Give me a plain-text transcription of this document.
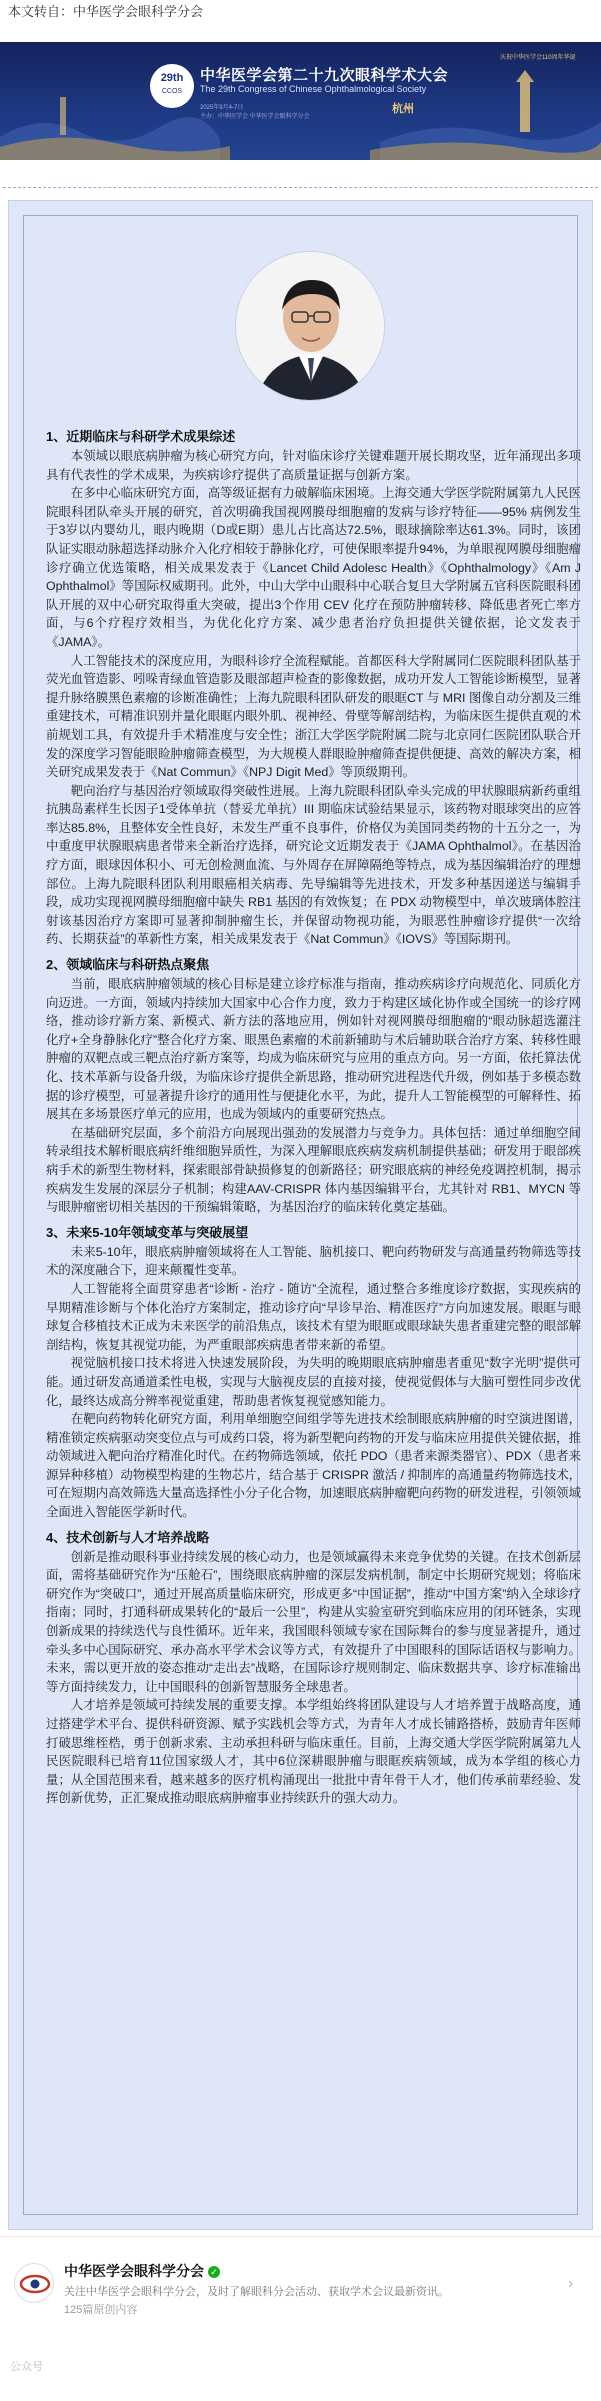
本文转自：中华医学会眼科学分会
29th
CCOS
中华医学会第二十九次眼科学术大会
The 29th Congress of Chinese Ophthalmological Society
2025年9月4-7日
主办：中华医学会 中华医学会眼科学分会
杭州
庆祝中华医学会110周年华诞
1、近期临床与科研学术成果综述

本领域以眼底病肿瘤为核心研究方向，针对临床诊疗关键难题开展长期攻坚，近年涌现出多项具有代表性的学术成果，为疾病诊疗提供了高质量证据与创新方案。

在多中心临床研究方面，高等级证据有力破解临床困境。上海交通大学医学院附属第九人民医院眼科团队牵头开展的研究，首次明确我国视网膜母细胞瘤的发病与诊疗特征——95% 病例发生于3岁以内婴幼儿，眼内晚期（D或E期）患儿占比高达72.5%，眼球摘除率达61.3%。同时，该团队证实眼动脉超选择动脉介入化疗相较于静脉化疗，可使保眼率提升94%，为单眼视网膜母细胞瘤诊疗确立优选策略，相关成果发表于《Lancet Child Adolesc Health》《Ophthalmology》《Am J Ophthalmol》等国际权威期刊。此外，中山大学中山眼科中心联合复旦大学附属五官科医院眼科团队开展的双中心研究取得重大突破，提出3个作用 CEV 化疗在预防肿瘤转移、降低患者死亡率方面，与6个疗程疗效相当，为优化化疗方案、减少患者治疗负担提供关键依据，论文发表于《JAMA》。

人工智能技术的深度应用，为眼科诊疗全流程赋能。首都医科大学附属同仁医院眼科团队基于荧光血管造影、吲哚青绿血管造影及眼部超声检查的影像数据，成功开发人工智能诊断模型，显著提升脉络膜黑色素瘤的诊断准确性；上海九院眼科团队研发的眼眶CT 与 MRI 图像自动分割及三维重建技术，可精准识别并量化眼眶内眼外肌、视神经、骨壁等解剖结构，为临床医生提供直观的术前规划工具，有效提升手术精准度与安全性；浙江大学医学院附属二院与北京同仁医院团队联合开发的深度学习智能眼睑肿瘤筛查模型，为大规模人群眼睑肿瘤筛查提供便捷、高效的解决方案，相关研究成果发表于《Nat Commun》《NPJ Digit Med》等顶级期刊。

靶向治疗与基因治疗领域取得突破性进展。上海九院眼科团队牵头完成的甲状腺眼病新药重组抗胰岛素样生长因子1受体单抗（替妥尤单抗）III 期临床试验结果显示，该药物对眼球突出的应答率达85.8%，且整体安全性良好，未发生严重不良事件，价格仅为美国同类药物的十五分之一，为中重度甲状腺眼病患者带来全新治疗选择，研究论文近期发表于《JAMA Ophthalmol》。在基因治疗方面，眼球因体积小、可无创检测血流、与外周存在屏障隔绝等特点，成为基因编辑治疗的理想部位。上海九院眼科团队利用眼癌相关病毒、先导编辑等先进技术，开发多种基因递送与编辑手段，成功实现视网膜母细胞瘤中缺失 RB1 基因的有效恢复；在 PDX 动物模型中，单次玻璃体腔注射该基因治疗方案即可显著抑制肿瘤生长，并保留动物视功能，为眼恶性肿瘤诊疗提供“一次给药、长期获益”的革新性方案，相关成果发表于《Nat Commun》《IOVS》等国际期刊。

2、领域临床与科研热点聚焦

当前，眼底病肿瘤领域的核心目标是建立诊疗标准与指南，推动疾病诊疗向规范化、同质化方向迈进。一方面，领域内持续加大国家中心合作力度，致力于构建区域化协作或全国统一的诊疗网络，推动诊疗新方案、新模式、新方法的落地应用，例如针对视网膜母细胞瘤的“眼动脉超选灌注化疗+全身静脉化疗”整合化疗方案、眼黑色素瘤的术前新辅助与术后辅助联合治疗方案、转移性眼肿瘤的双靶点或三靶点治疗新方案等，均成为临床研究与应用的重点方向。另一方面，依托算法优化、技术革新与设备升级，为临床诊疗提供全新思路，推动研究进程迭代升级，例如基于多模态数据的诊疗模型，可显著提升诊疗的通用性与便捷化水平，为此，提升人工智能模型的可解释性、拓展其在多场景医疗单元的应用，也成为领域内的重要研究热点。

在基础研究层面，多个前沿方向展现出强劲的发展潜力与竞争力。具体包括：通过单细胞空间转录组技术解析眼底病纤维细胞异质性，为深入理解眼底疾病发病机制提供基础；研发用于眼部疾病手术的新型生物材料，探索眼部骨缺损修复的创新路径；研究眼底病的神经免疫调控机制，揭示疾病发生发展的深层分子机制；构建AAV-CRISPR 体内基因编辑平台，尤其针对 RB1、MYCN 等与眼肿瘤密切相关基因的干预编辑策略，为基因治疗的临床转化奠定基础。

3、未来5-10年领域变革与突破展望

未来5-10年，眼底病肿瘤领域将在人工智能、脑机接口、靶向药物研发与高通量药物筛选等技术的深度融合下，迎来颠覆性变革。

人工智能将全面贯穿患者“诊断 - 治疗 - 随访”全流程，通过整合多维度诊疗数据，实现疾病的早期精准诊断与个体化治疗方案制定，推动诊疗向“早诊早治、精准医疗”方向加速发展。眼眶与眼球复合移植技术正成为未来医学的前沿焦点，该技术有望为眼眶或眼球缺失患者重建完整的眼部解剖结构，恢复其视觉功能，为严重眼部疾病患者带来新的希望。

视觉脑机接口技术将进入快速发展阶段，为失明的晚期眼底病肿瘤患者重见“数字光明”提供可能。通过研发高通道柔性电极，实现与大脑视皮层的直接对接，使视觉假体与大脑可塑性同步改优化，最终达成高分辨率视觉重建，帮助患者恢复视觉感知能力。

在靶向药物转化研究方面，利用单细胞空间组学等先进技术绘制眼底病肿瘤的时空演进图谱，精准锁定疾病驱动突变位点与可成药口袋，将为新型靶向药物的开发与临床应用提供关键依据，推动领域进入靶向治疗精准化时代。在药物筛选领域，依托 PDO（患者来源类器官）、PDX（患者来源异种移植）动物模型构建的生物芯片，结合基于 CRISPR 激活 / 抑制库的高通量药物筛选技术，可在短期内高效筛选大量高选择性小分子化合物，加速眼底病肿瘤靶向药物的研发进程，引领领域全面进入智能医学新时代。

4、技术创新与人才培养战略

创新是推动眼科事业持续发展的核心动力，也是领域赢得未来竞争优势的关键。在技术创新层面，需将基础研究作为“压舱石”，围绕眼底病肿瘤的深层发病机制，制定中长期研究规划；将临床研究作为“突破口”，通过开展高质量临床研究，形成更多“中国证据”，推动“中国方案”纳入全球诊疗指南；同时，打通科研成果转化的“最后一公里”，构建从实验室研究到临床应用的闭环链条，实现创新成果的持续迭代与良性循环。近年来，我国眼科领域专家在国际舞台的参与度显著提升，通过牵头多中心国际研究、承办高水平学术会议等方式，有效提升了中国眼科的国际话语权与影响力。未来，需以更开放的姿态推动“走出去”战略，在国际诊疗规则制定、临床数据共享、诊疗标准输出等方面持续发力，让中国眼科的创新智慧服务全球患者。

人才培养是领域可持续发展的重要支撑。本学组始终将团队建设与人才培养置于战略高度，通过搭建学术平台、提供科研资源、赋予实践机会等方式，为青年人才成长铺路搭桥，鼓励青年医师打破思维桎梏，勇于创新求索、主动承担科研与临床重任。目前，上海交通大学医学院附属第九人民医院眼科已培育11位国家级人才，其中6位深耕眼肿瘤与眼眶疾病领域，成为本学组的核心力量；从全国范围来看，越来越多的医疗机构涌现出一批批中青年骨干人才，他们传承前辈经验、发挥创新优势，正汇聚成推动眼底病肿瘤事业持续跃升的强大动力。

中华医学会眼科学分会 ✓
关注中华医学会眼科学分会，及时了解眼科分会活动、获取学术会议最新资讯。
125篇原创内容
›
公众号
